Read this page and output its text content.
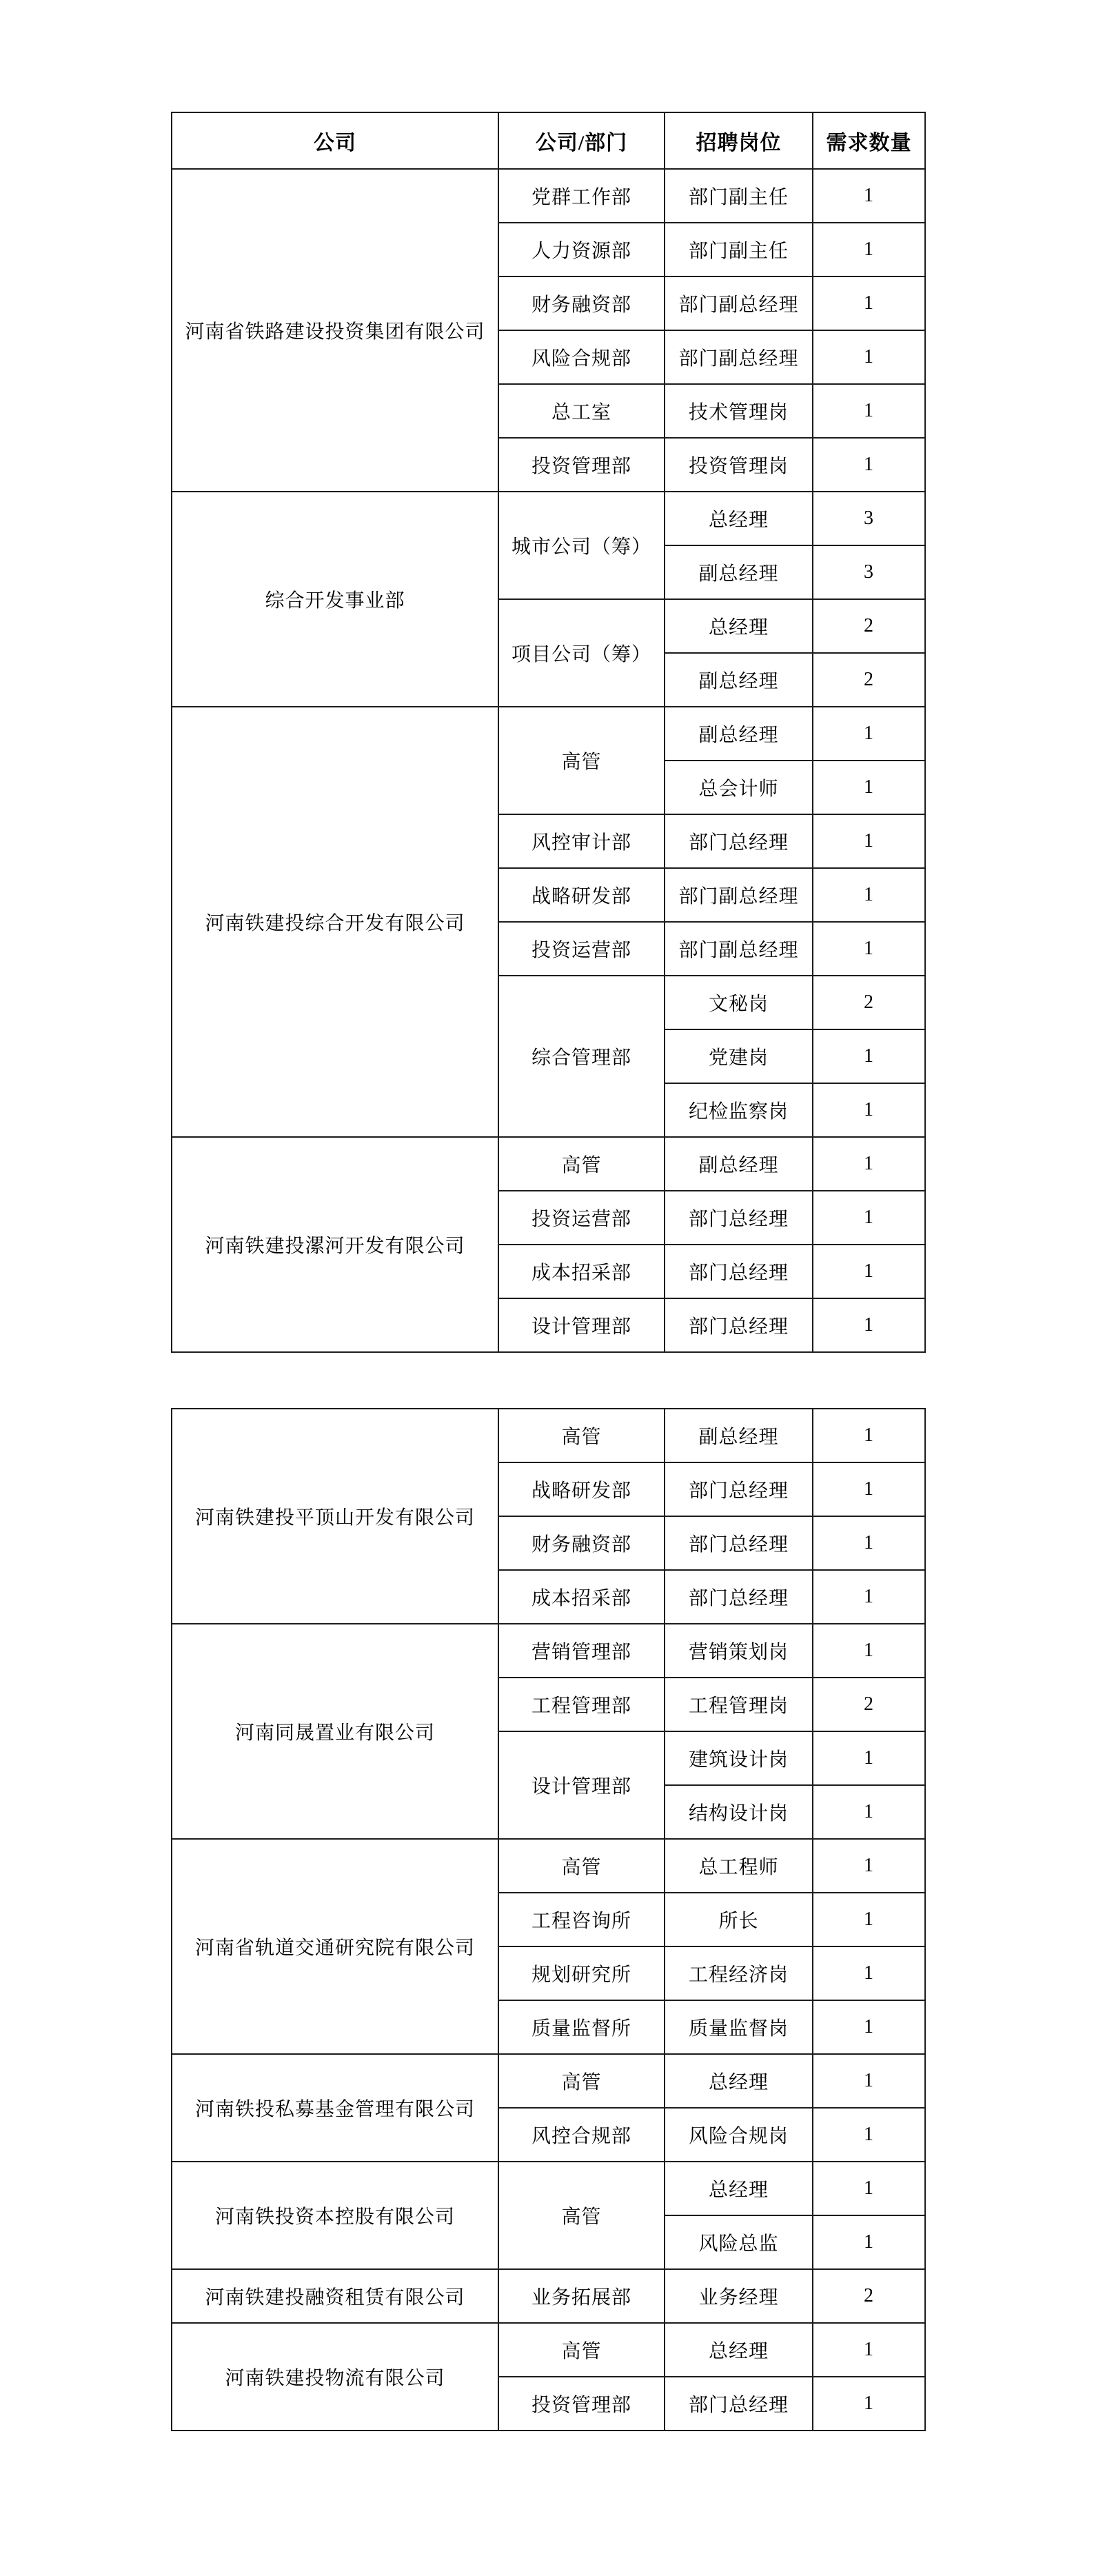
公司	公司/部门	招聘岗位	需求数量
河南省铁路建设投资集团有限公司	党群工作部	部门副主任	1
	人力资源部	部门副主任	1
	财务融资部	部门副总经理	1
	风险合规部	部门副总经理	1
	总工室	技术管理岗	1
	投资管理部	投资管理岗	1
综合开发事业部	城市公司（筹）	总经理	3
		副总经理	3
	项目公司（筹）	总经理	2
		副总经理	2
河南铁建投综合开发有限公司	高管	副总经理	1
		总会计师	1
	风控审计部	部门总经理	1
	战略研发部	部门副总经理	1
	投资运营部	部门副总经理	1
	综合管理部	文秘岗	2
		党建岗	1
		纪检监察岗	1
河南铁建投漯河开发有限公司	高管	副总经理	1
	投资运营部	部门总经理	1
	成本招采部	部门总经理	1
	设计管理部	部门总经理	1
河南铁建投平顶山开发有限公司	高管	副总经理	1
	战略研发部	部门总经理	1
	财务融资部	部门总经理	1
	成本招采部	部门总经理	1
河南同晟置业有限公司	营销管理部	营销策划岗	1
	工程管理部	工程管理岗	2
	设计管理部	建筑设计岗	1
		结构设计岗	1
河南省轨道交通研究院有限公司	高管	总工程师	1
	工程咨询所	所长	1
	规划研究所	工程经济岗	1
	质量监督所	质量监督岗	1
河南铁投私募基金管理有限公司	高管	总经理	1
	风控合规部	风险合规岗	1
河南铁投资本控股有限公司	高管	总经理	1
		风险总监	1
河南铁建投融资租赁有限公司	业务拓展部	业务经理	2
河南铁建投物流有限公司	高管	总经理	1
	投资管理部	部门总经理	1
